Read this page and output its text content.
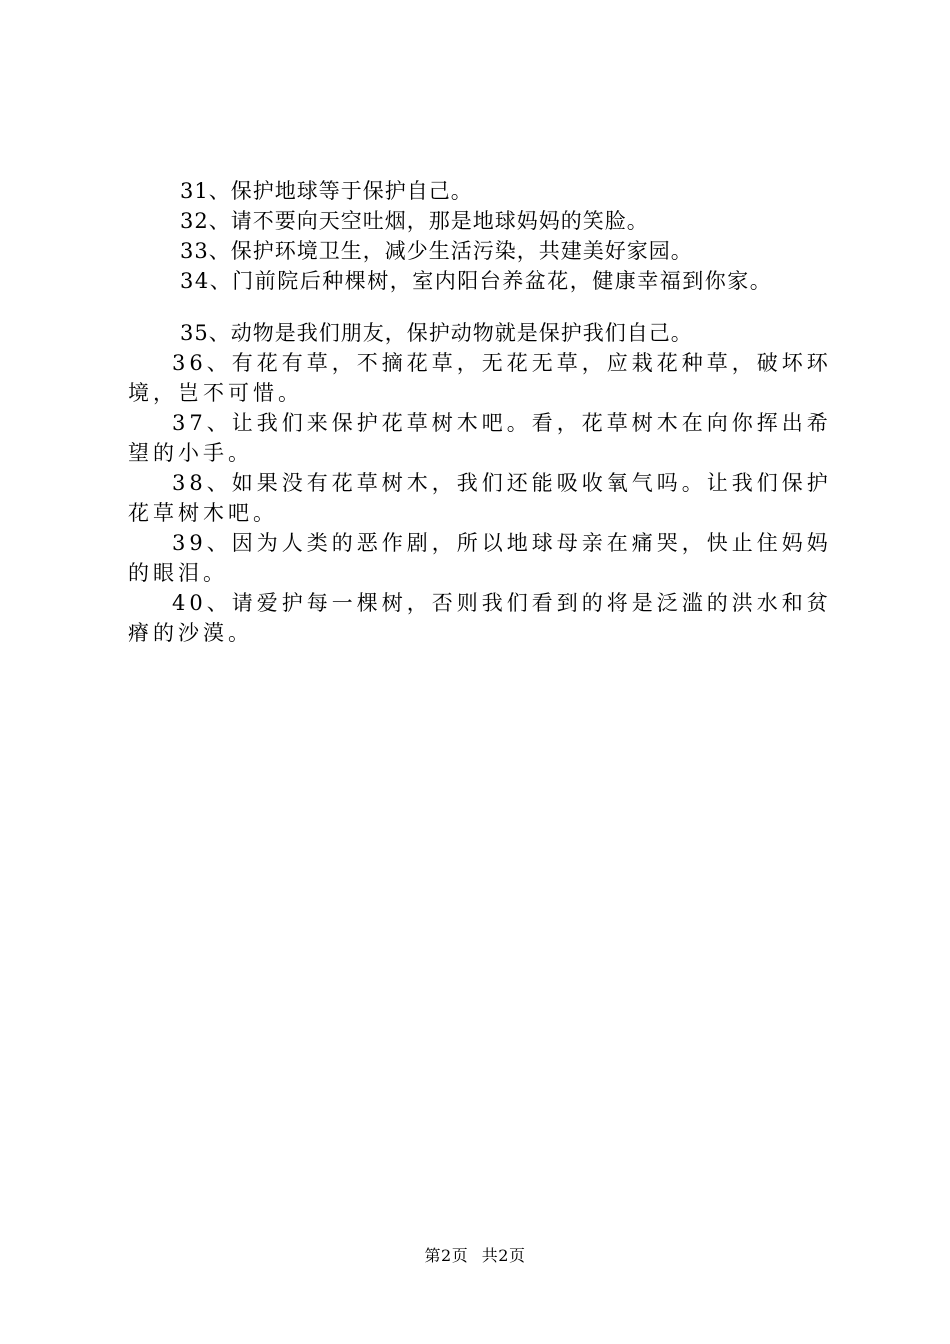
31、保护地球等于保护自己。

32、请不要向天空吐烟，那是地球妈妈的笑脸。

33、保护环境卫生，减少生活污染，共建美好家园。

34、门前院后种棵树，室内阳台养盆花，健康幸福到你家。

35、动物是我们朋友，保护动物就是保护我们自己。

36、有花有草，不摘花草，无花无草，应栽花种草，破坏环境，岂不可惜。

37、让我们来保护花草树木吧。看，花草树木在向你挥出希望的小手。

38、如果没有花草树木，我们还能吸收氧气吗。让我们保护花草树木吧。

39、因为人类的恶作剧，所以地球母亲在痛哭，快止住妈妈的眼泪。

40、请爱护每一棵树，否则我们看到的将是泛滥的洪水和贫瘠的沙漠。

第2页 共2页
